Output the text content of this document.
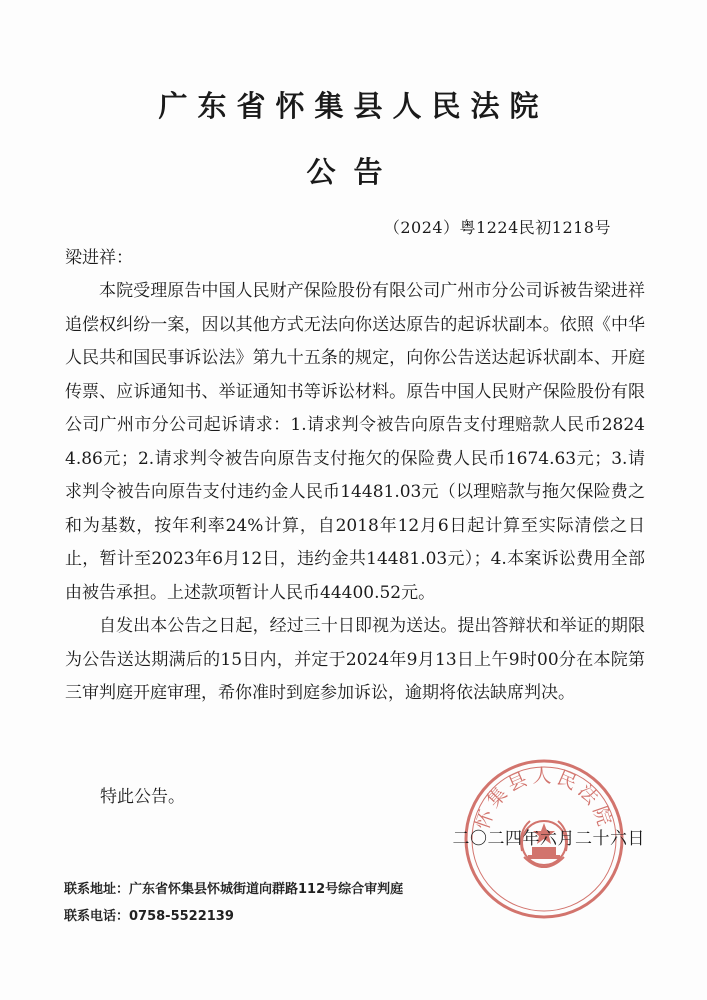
广东省怀集县人民法院
公告
（2024）粤1224民初1218号
梁进祥：

本院受理原告中国人民财产保险股份有限公司广州市分公司诉被告梁进祥追偿权纠纷一案，因以其他方式无法向你送达原告的起诉状副本。依照《中华人民共和国民事诉讼法》第九十五条的规定，向你公告送达起诉状副本、开庭传票、应诉通知书、举证通知书等诉讼材料。原告中国人民财产保险股份有限公司广州市分公司起诉请求：1.请求判令被告向原告支付理赔款人民币28244.86元；2.请求判令被告向原告支付拖欠的保险费人民币1674.63元；3.请求判令被告向原告支付违约金人民币14481.03元（以理赔款与拖欠保险费之和为基数，按年利率24%计算，自2018年12月6日起计算至实际清偿之日止，暂计至2023年6月12日，违约金共14481.03元）；4.本案诉讼费用全部由被告承担。上述款项暂计人民币44400.52元。

自发出本公告之日起，经过三十日即视为送达。提出答辩状和举证的期限为公告送达期满后的15日内，并定于2024年9月13日上午9时00分在本院第三审判庭开庭审理，希你准时到庭参加诉讼，逾期将依法缺席判决。

特此公告。
怀集县人民法院
二〇二四年六月二十六日
联系地址：广东省怀集县怀城街道向群路112号综合审判庭
联系电话：0758-5522139
